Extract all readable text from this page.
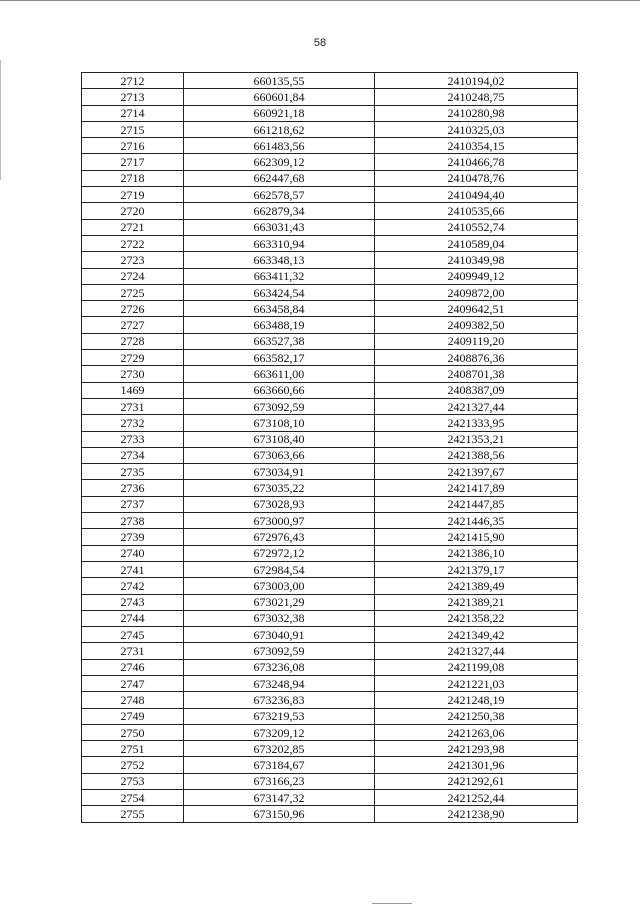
58
2712	660135,55	2410194,02
2713	660601,84	2410248,75
2714	660921,18	2410280,98
2715	661218,62	2410325,03
2716	661483,56	2410354,15
2717	662309,12	2410466,78
2718	662447,68	2410478,76
2719	662578,57	2410494,40
2720	662879,34	2410535,66
2721	663031,43	2410552,74
2722	663310,94	2410589,04
2723	663348,13	2410349,98
2724	663411,32	2409949,12
2725	663424,54	2409872,00
2726	663458,84	2409642,51
2727	663488,19	2409382,50
2728	663527,38	2409119,20
2729	663582,17	2408876,36
2730	663611,00	2408701,38
1469	663660,66	2408387,09
2731	673092,59	2421327,44
2732	673108,10	2421333,95
2733	673108,40	2421353,21
2734	673063,66	2421388,56
2735	673034,91	2421397,67
2736	673035,22	2421417,89
2737	673028,93	2421447,85
2738	673000,97	2421446,35
2739	672976,43	2421415,90
2740	672972,12	2421386,10
2741	672984,54	2421379,17
2742	673003,00	2421389,49
2743	673021,29	2421389,21
2744	673032,38	2421358,22
2745	673040,91	2421349,42
2731	673092,59	2421327,44
2746	673236,08	2421199,08
2747	673248,94	2421221,03
2748	673236,83	2421248,19
2749	673219,53	2421250,38
2750	673209,12	2421263,06
2751	673202,85	2421293,98
2752	673184,67	2421301,96
2753	673166,23	2421292,61
2754	673147,32	2421252,44
2755	673150,96	2421238,90
